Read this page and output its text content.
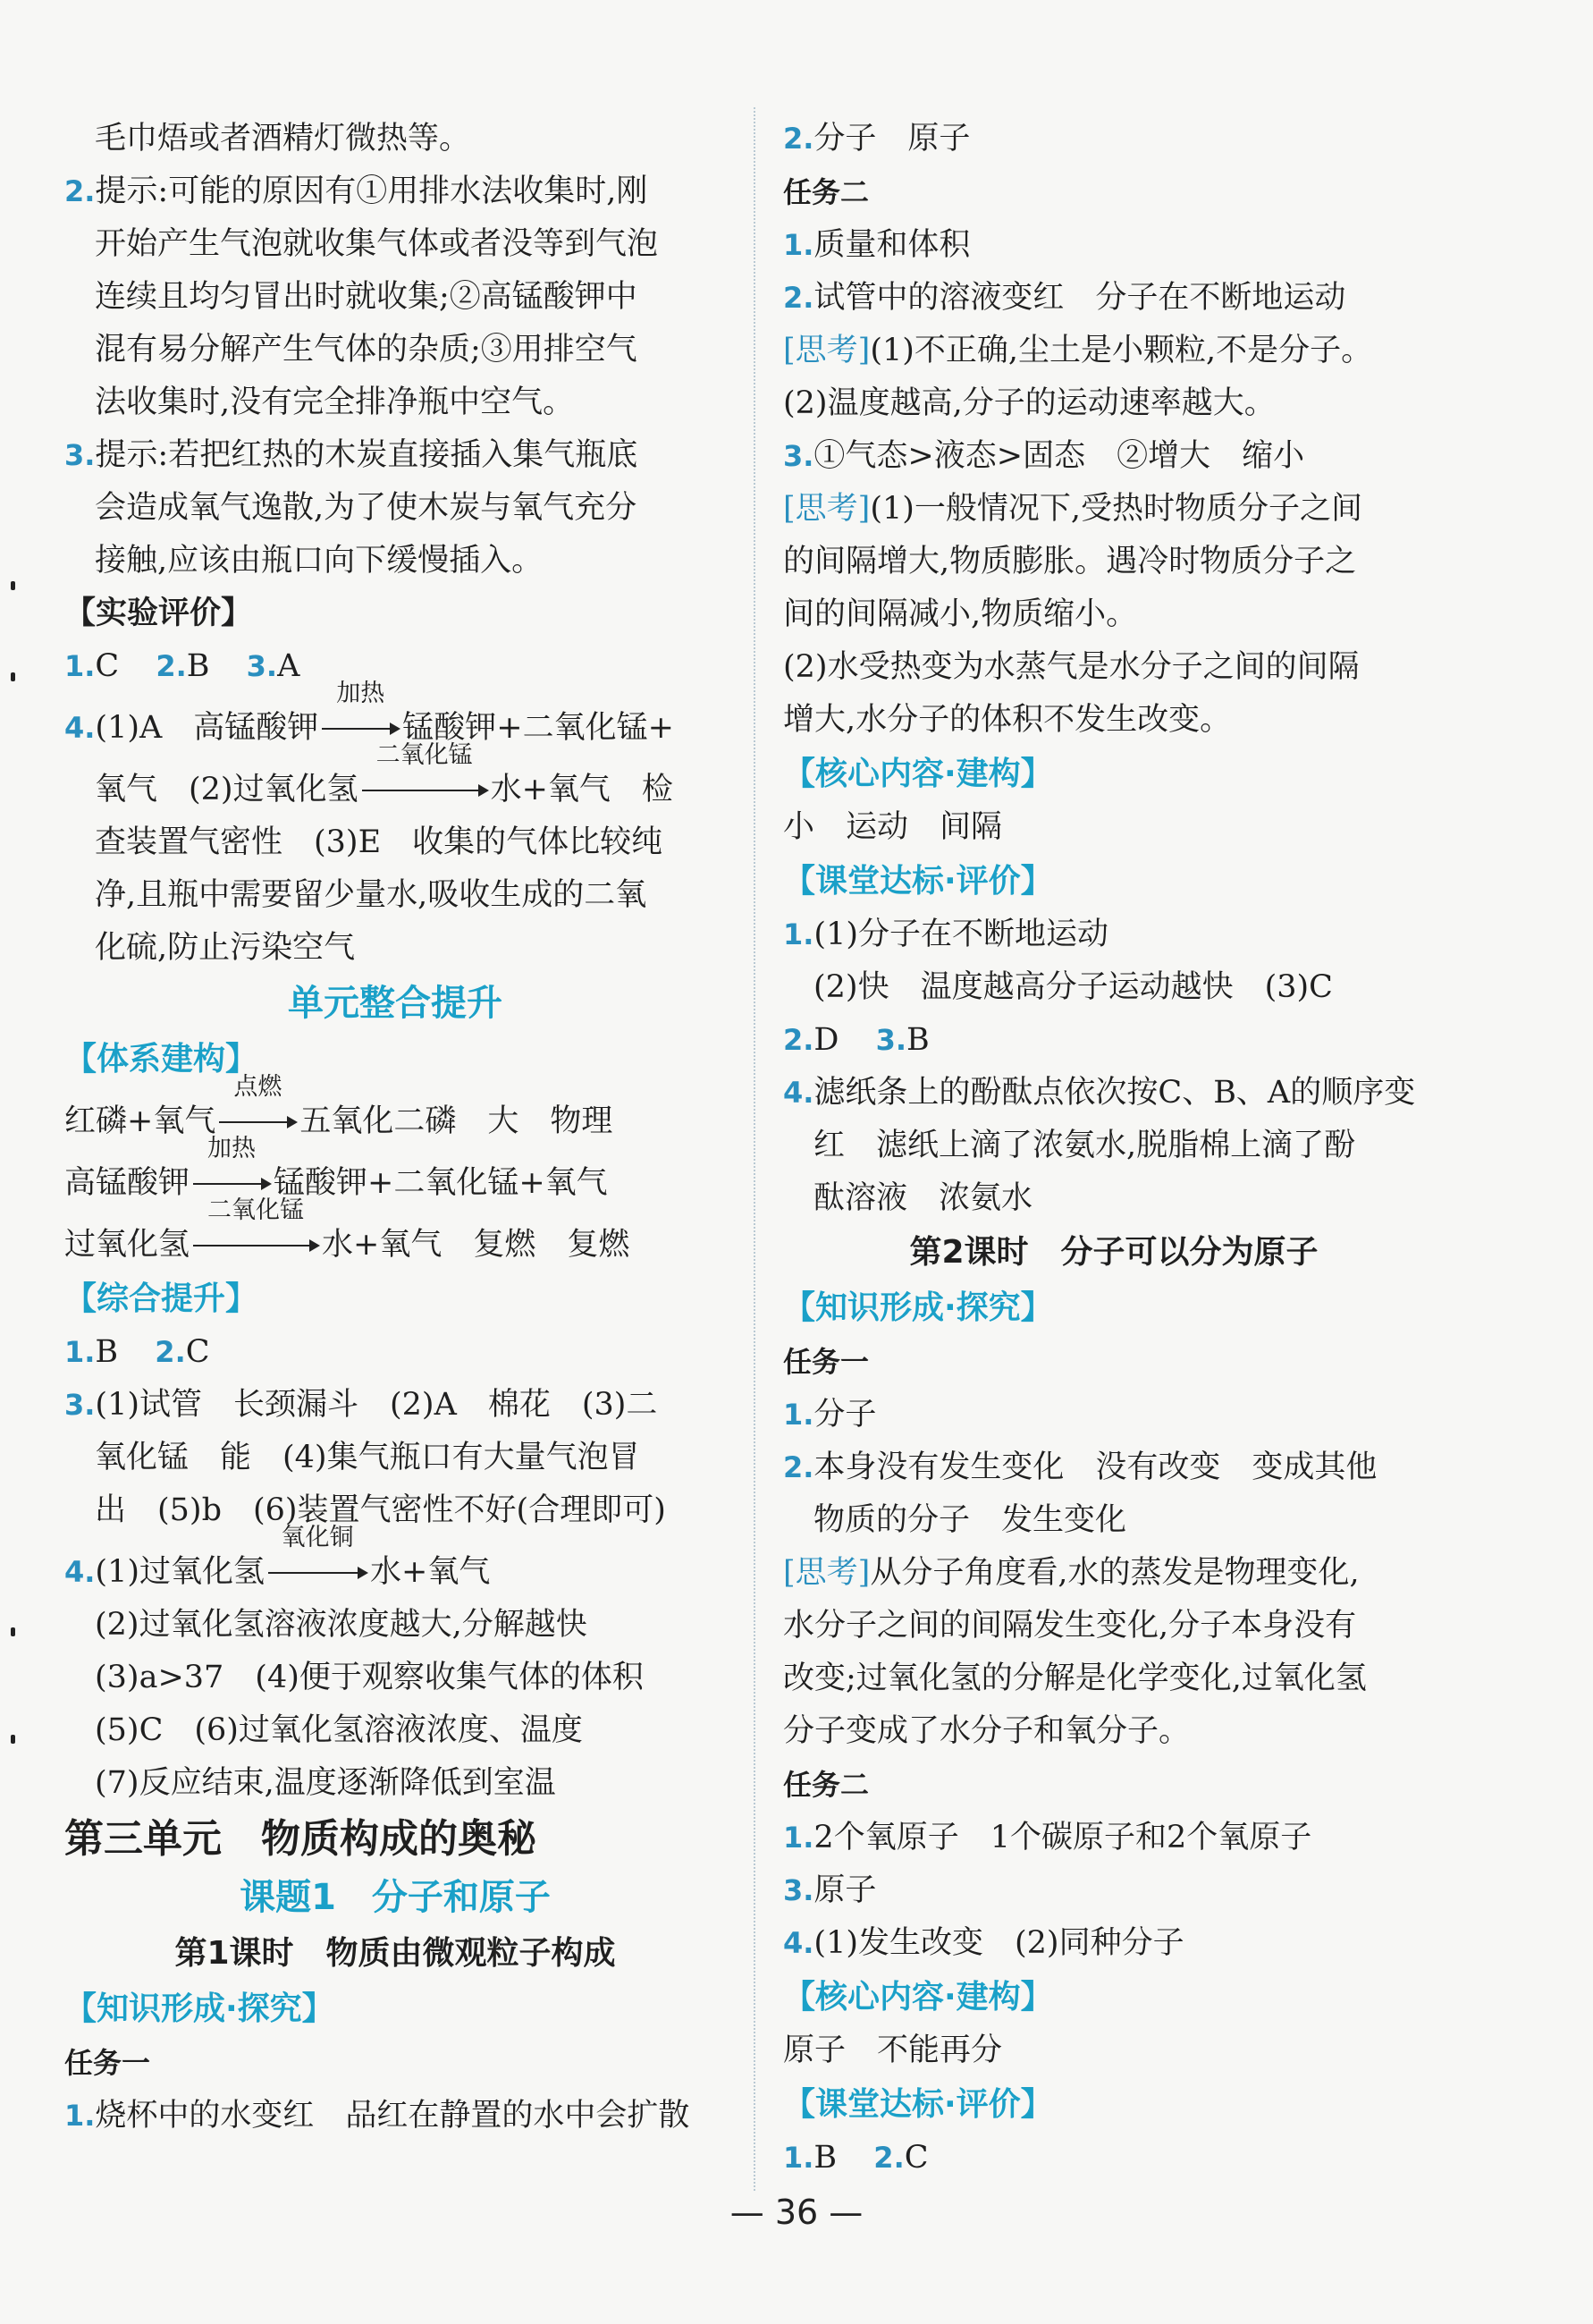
毛巾焐或者酒精灯微热等。
2.提示:可能的原因有①用排水法收集时,刚
开始产生气泡就收集气体或者没等到气泡
连续且均匀冒出时就收集;②高锰酸钾中
混有易分解产生气体的杂质;③用排空气
法收集时,没有完全排净瓶中空气。
3.提示:若把红热的木炭直接插入集气瓶底
会造成氧气逸散,为了使木炭与氧气充分
接触,应该由瓶口向下缓慢插入。
【实验评价】
1.C 2.B 3.A
4.(1)A　高锰酸钾
加热
锰酸钾+二氧化锰+
氧气　(2)过氧化氢
二氧化锰
水+氧气　检
查装置气密性　(3)E　收集的气体比较纯
净,且瓶中需要留少量水,吸收生成的二氧
化硫,防止污染空气
单元整合提升
【体系建构】
红磷+氧气
点燃
五氧化二磷　大　物理
高锰酸钾
加热
锰酸钾+二氧化锰+氧气
过氧化氢
二氧化锰
水+氧气　复燃　复燃
【综合提升】
1.B 2.C
3.(1)试管　长颈漏斗　(2)A　棉花　(3)二
氧化锰　能　(4)集气瓶口有大量气泡冒
出　(5)b　(6)装置气密性不好(合理即可)
4.(1)过氧化氢
氧化铜
水+氧气
(2)过氧化氢溶液浓度越大,分解越快
(3)a>37　(4)便于观察收集气体的体积
(5)C　(6)过氧化氢溶液浓度、温度
(7)反应结束,温度逐渐降低到室温
第三单元　物质构成的奥秘
课题1　分子和原子
第1课时　物质由微观粒子构成
【知识形成·探究】
任务一
1.烧杯中的水变红　品红在静置的水中会扩散
2.分子　原子
任务二
1.质量和体积
2.试管中的溶液变红　分子在不断地运动
[思考](1)不正确,尘土是小颗粒,不是分子。
(2)温度越高,分子的运动速率越大。
3.①气态>液态>固态　②增大　缩小
[思考](1)一般情况下,受热时物质分子之间
的间隔增大,物质膨胀。遇冷时物质分子之
间的间隔减小,物质缩小。
(2)水受热变为水蒸气是水分子之间的间隔
增大,水分子的体积不发生改变。
【核心内容·建构】
小　运动　间隔
【课堂达标·评价】
1.(1)分子在不断地运动
(2)快　温度越高分子运动越快　(3)C
2.D 3.B
4.滤纸条上的酚酞点依次按C、B、A的顺序变
红　滤纸上滴了浓氨水,脱脂棉上滴了酚
酞溶液　浓氨水
第2课时　分子可以分为原子
【知识形成·探究】
任务一
1.分子
2.本身没有发生变化　没有改变　变成其他
物质的分子　发生变化
[思考]从分子角度看,水的蒸发是物理变化,
水分子之间的间隔发生变化,分子本身没有
改变;过氧化氢的分解是化学变化,过氧化氢
分子变成了水分子和氧分子。
任务二
1.2个氧原子　1个碳原子和2个氧原子
3.原子
4.(1)发生改变　(2)同种分子
【核心内容·建构】
原子　不能再分
【课堂达标·评价】
1.B 2.C
— 36 —
